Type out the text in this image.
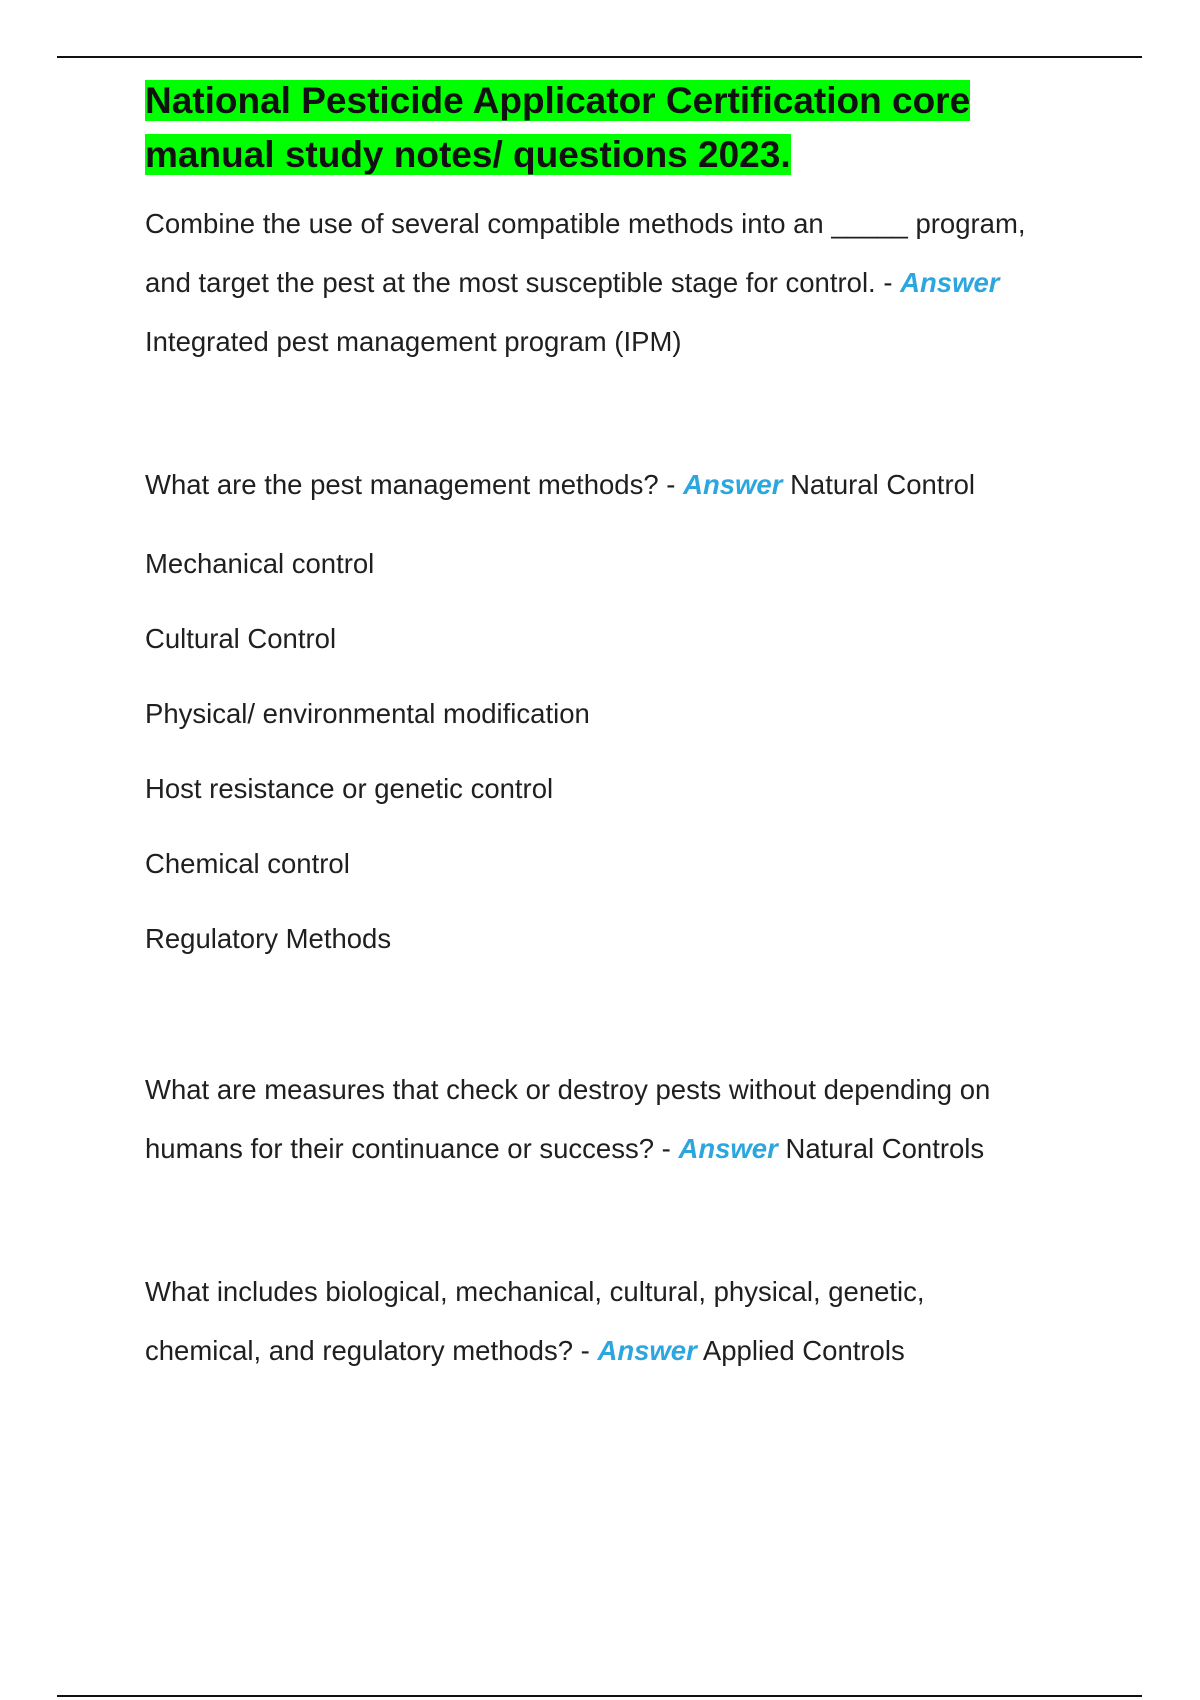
National Pesticide Applicator Certification core
manual study notes/ questions 2023.

Combine the use of several compatible methods into an _____ program,

and target the pest at the most susceptible stage for control. - Answer

Integrated pest management program (IPM)

What are the pest management methods? - Answer Natural Control

Mechanical control

Cultural Control

Physical/ environmental modification

Host resistance or genetic control

Chemical control

Regulatory Methods

What are measures that check or destroy pests without depending on

humans for their continuance or success? - Answer Natural Controls

What includes biological, mechanical, cultural, physical, genetic,

chemical, and regulatory methods? - Answer Applied Controls
